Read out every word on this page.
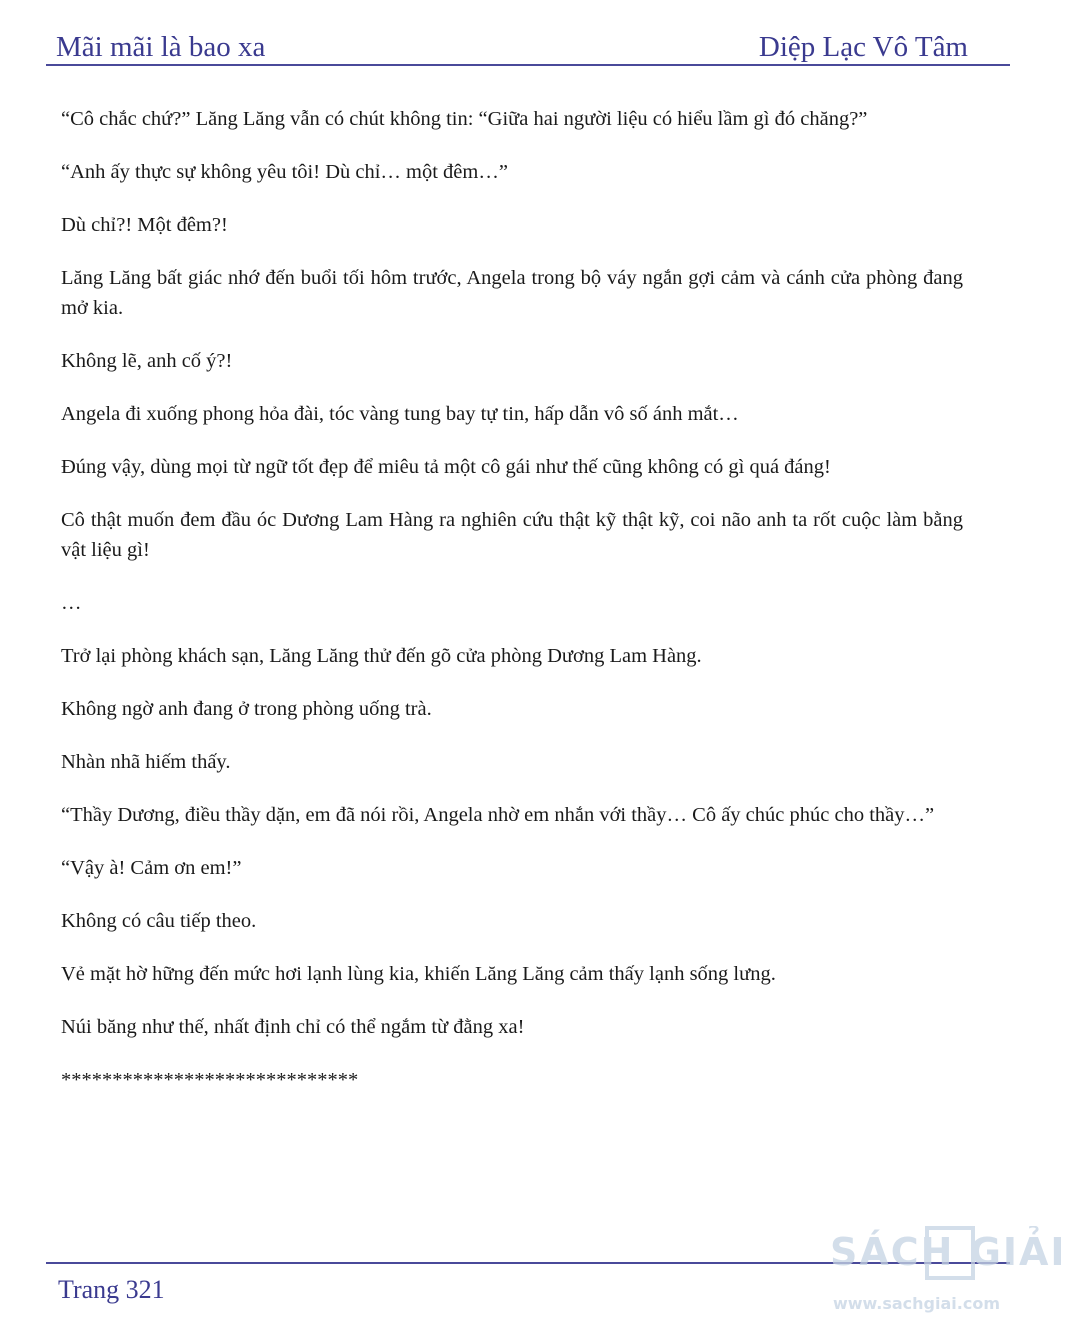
Mãi mãi là bao xa	Diệp Lạc Vô Tâm

“Cô chắc chứ?” Lăng Lăng vẫn có chút không tin: “Giữa hai người liệu có hiểu lầm gì đó chăng?”

“Anh ấy thực sự không yêu tôi! Dù chỉ… một đêm…”

Dù chỉ?! Một đêm?!

Lăng Lăng bất giác nhớ đến buổi tối hôm trước, Angela trong bộ váy ngắn gợi cảm và cánh cửa phòng đang mở kia.

Không lẽ, anh cố ý?!

Angela đi xuống phong hỏa đài, tóc vàng tung bay tự tin, hấp dẫn vô số ánh mắt…

Đúng vậy, dùng mọi từ ngữ tốt đẹp để miêu tả một cô gái như thế cũng không có gì quá đáng!

Cô thật muốn đem đầu óc Dương Lam Hàng ra nghiên cứu thật kỹ thật kỹ, coi não anh ta rốt cuộc làm bằng vật liệu gì!

…

Trở lại phòng khách sạn, Lăng Lăng thử đến gõ cửa phòng Dương Lam Hàng.

Không ngờ anh đang ở trong phòng uống trà.

Nhàn nhã hiếm thấy.

“Thầy Dương, điều thầy dặn, em đã nói rồi, Angela nhờ em nhắn với thầy… Cô ấy chúc phúc cho thầy…”

“Vậy à! Cảm ơn em!”

Không có câu tiếp theo.

Vẻ mặt hờ hững đến mức hơi lạnh lùng kia, khiến Lăng Lăng cảm thấy lạnh sống lưng.

Núi băng như thế, nhất định chỉ có thể ngắm từ đằng xa!

*****************************

Trang 321
SÁCH GIẢI
www.sachgiai.com
